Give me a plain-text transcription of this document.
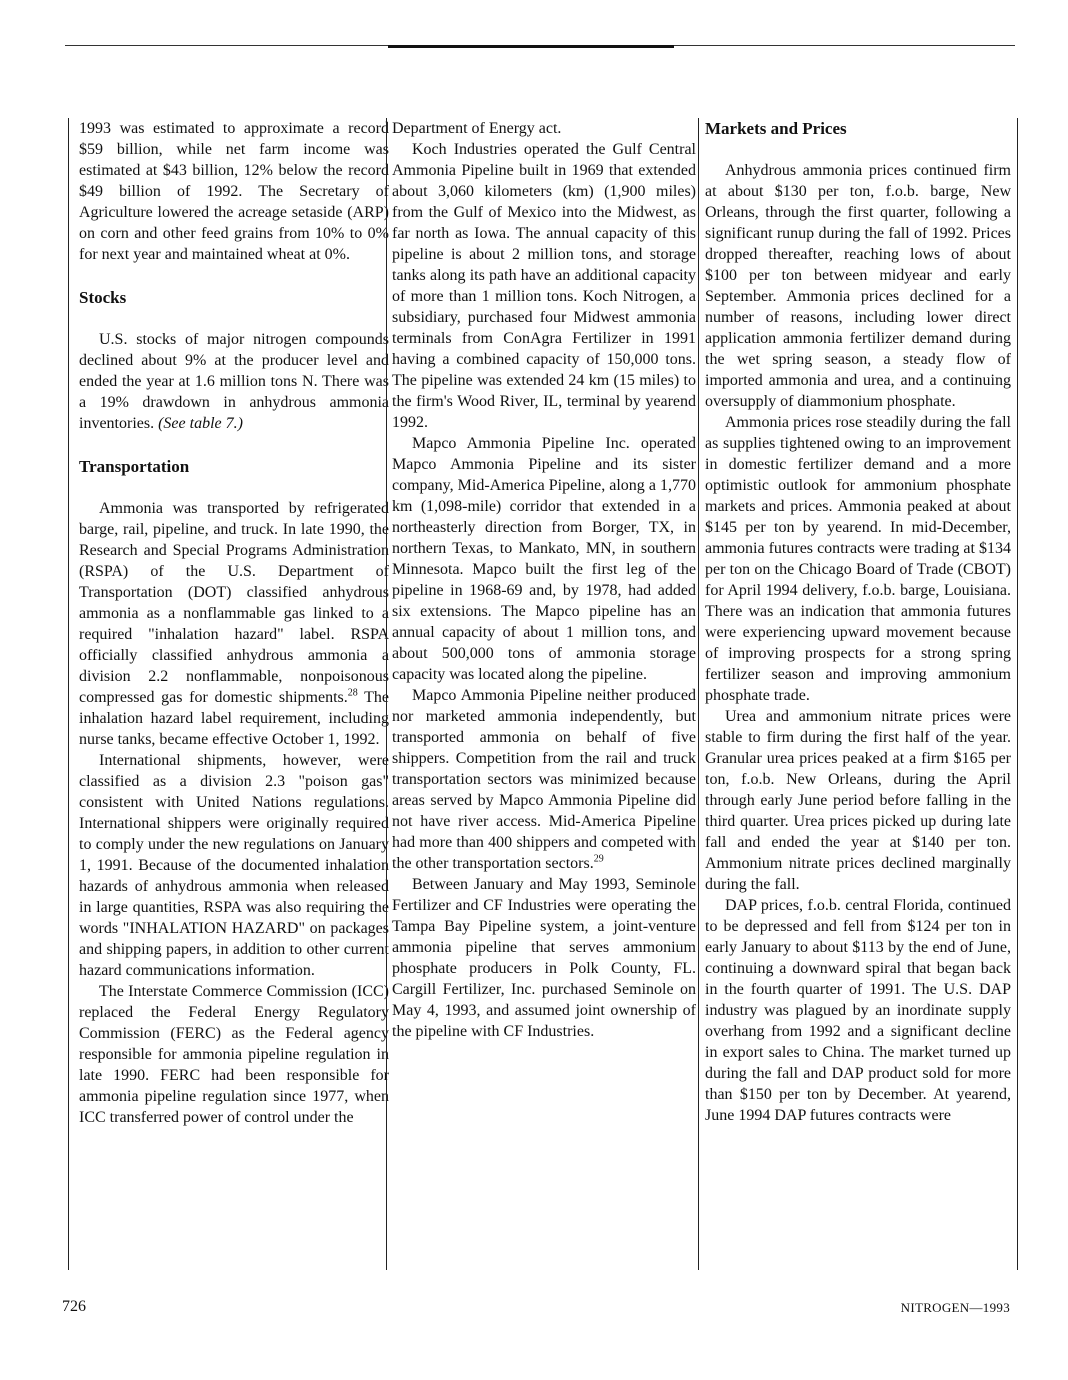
1993 was estimated to approximate a record $59 billion, while net farm income was estimated at $43 billion, 12% below the record $49 billion of 1992. The Secretary of Agriculture lowered the acreage setaside (ARP) on corn and other feed grains from 10% to 0% for next year and maintained wheat at 0%.

Stocks

U.S. stocks of major nitrogen compounds declined about 9% at the producer level and ended the year at 1.6 million tons N. There was a 19% drawdown in anhydrous ammonia inventories. (See table 7.)

Transportation

Ammonia was transported by refrigerated barge, rail, pipeline, and truck. In late 1990, the Research and Special Programs Administration (RSPA) of the U.S. Department of Transportation (DOT) classified anhydrous ammonia as a nonflammable gas linked to a required "inhalation hazard" label. RSPA officially classified anhydrous ammonia a division 2.2 nonflammable, nonpoisonous compressed gas for domestic shipments.$^{28}$ The inhalation hazard label requirement, including nurse tanks, became effective October 1, 1992.

International shipments, however, were classified as a division 2.3 "poison gas" consistent with United Nations regulations. International shippers were originally required to comply under the new regulations on January 1, 1991. Because of the documented inhalation hazards of anhydrous ammonia when released in large quantities, RSPA was also requiring the words "INHALATION HAZARD" on packages and shipping papers, in addition to other current hazard communications information.

The Interstate Commerce Commission (ICC) replaced the Federal Energy Regulatory Commission (FERC) as the Federal agency responsible for ammonia pipeline regulation in late 1990. FERC had been responsible for ammonia pipeline regulation since 1977, when ICC transferred power of control under the

Department of Energy act.

Koch Industries operated the Gulf Central Ammonia Pipeline built in 1969 that extended about 3,060 kilometers (km) (1,900 miles) from the Gulf of Mexico into the Midwest, as far north as Iowa. The annual capacity of this pipeline is about 2 million tons, and storage tanks along its path have an additional capacity of more than 1 million tons. Koch Nitrogen, a subsidiary, purchased four Midwest ammonia terminals from ConAgra Fertilizer in 1991 having a combined capacity of 150,000 tons. The pipeline was extended 24 km (15 miles) to the firm's Wood River, IL, terminal by yearend 1992.

Mapco Ammonia Pipeline Inc. operated Mapco Ammonia Pipeline and its sister company, Mid-America Pipeline, along a 1,770 km (1,098-mile) corridor that extended in a northeasterly direction from Borger, TX, in northern Texas, to Mankato, MN, in southern Minnesota. Mapco built the first leg of the pipeline in 1968-69 and, by 1978, had added six extensions. The Mapco pipeline has an annual capacity of about 1 million tons, and about 500,000 tons of ammonia storage capacity was located along the pipeline.

Mapco Ammonia Pipeline neither produced nor marketed ammonia independently, but transported ammonia on behalf of five shippers. Competition from the rail and truck transportation sectors was minimized because areas served by Mapco Ammonia Pipeline did not have river access. Mid-America Pipeline had more than 400 shippers and competed with the other transportation sectors.$^{29}$

Between January and May 1993, Seminole Fertilizer and CF Industries were operating the Tampa Bay Pipeline system, a joint-venture ammonia pipeline that serves ammonium phosphate producers in Polk County, FL. Cargill Fertilizer, Inc. purchased Seminole on May 4, 1993, and assumed joint ownership of the pipeline with CF Industries.

Markets and Prices

Anhydrous ammonia prices continued firm at about $130 per ton, f.o.b. barge, New Orleans, through the first quarter, following a significant runup during the fall of 1992. Prices dropped thereafter, reaching lows of about $100 per ton between midyear and early September. Ammonia prices declined for a number of reasons, including lower direct application ammonia fertilizer demand during the wet spring season, a steady flow of imported ammonia and urea, and a continuing oversupply of diammonium phosphate.

Ammonia prices rose steadily during the fall as supplies tightened owing to an improvement in domestic fertilizer demand and a more optimistic outlook for ammonium phosphate markets and prices. Ammonia peaked at about $145 per ton by yearend. In mid-December, ammonia futures contracts were trading at $134 per ton on the Chicago Board of Trade (CBOT) for April 1994 delivery, f.o.b. barge, Louisiana. There was an indication that ammonia futures were experiencing upward movement because of improving prospects for a strong spring fertilizer season and improving ammonium phosphate trade.

Urea and ammonium nitrate prices were stable to firm during the first half of the year. Granular urea prices peaked at a firm $165 per ton, f.o.b. New Orleans, during the April through early June period before falling in the third quarter. Urea prices picked up during late fall and ended the year at $140 per ton. Ammonium nitrate prices declined marginally during the fall.

DAP prices, f.o.b. central Florida, continued to be depressed and fell from $124 per ton in early January to about $113 by the end of June, continuing a downward spiral that began back in the fourth quarter of 1991. The U.S. DAP industry was plagued by an inordinate supply overhang from 1992 and a significant decline in export sales to China. The market turned up during the fall and DAP product sold for more than $150 per ton by December. At yearend, June 1994 DAP futures contracts were

726	NITROGEN—1993
